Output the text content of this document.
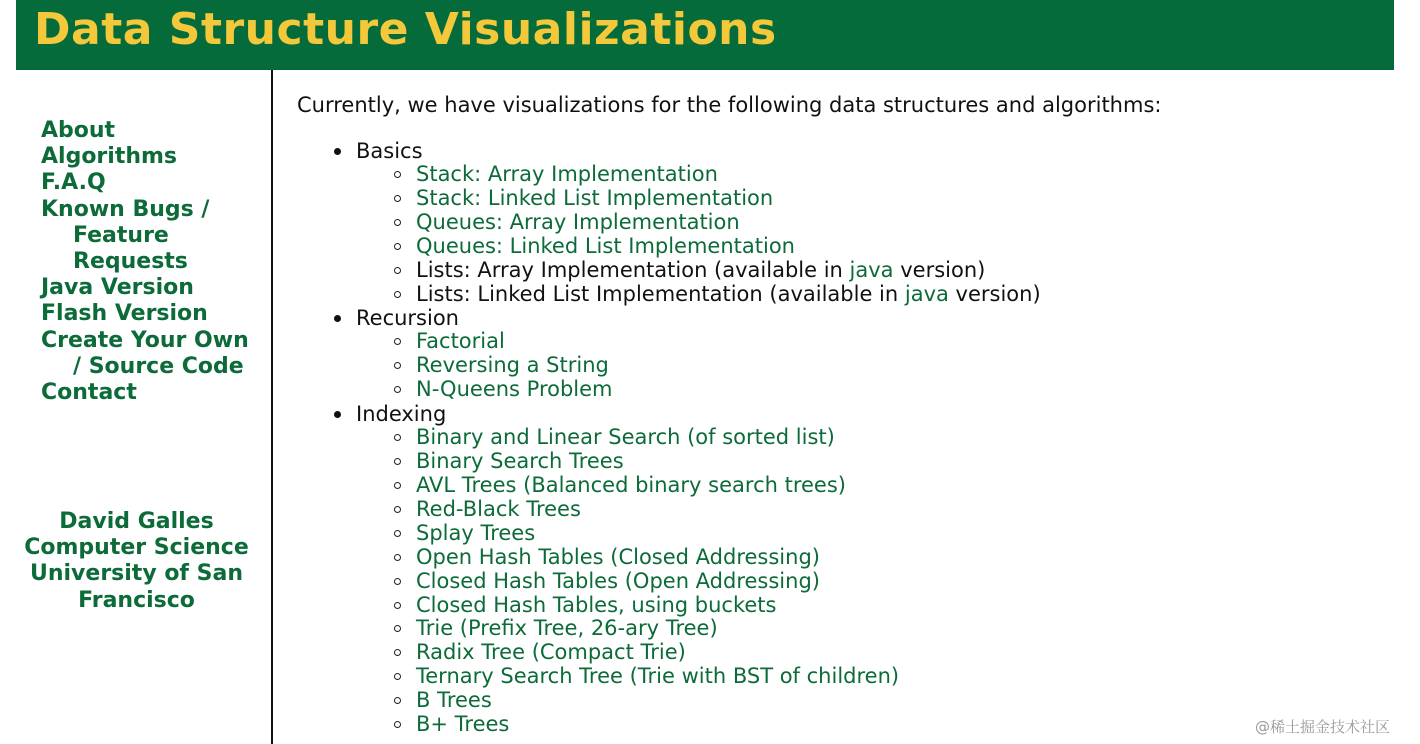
Data Structure Visualizations
About
Algorithms
F.A.Q
Known Bugs / Feature Requests
Java Version
Flash Version
Create Your Own / Source Code
Contact
David Galles
Computer Science
University of San Francisco

Currently, we have visualizations for the following data structures and algorithms:

Basics
Stack: Array Implementation
Stack: Linked List Implementation
Queues: Array Implementation
Queues: Linked List Implementation
Lists: Array Implementation (available in java version)
Lists: Linked List Implementation (available in java version)
Recursion
Factorial
Reversing a String
N-Queens Problem
Indexing
Binary and Linear Search (of sorted list)
Binary Search Trees
AVL Trees (Balanced binary search trees)
Red-Black Trees
Splay Trees
Open Hash Tables (Closed Addressing)
Closed Hash Tables (Open Addressing)
Closed Hash Tables, using buckets
Trie (Prefix Tree, 26-ary Tree)
Radix Tree (Compact Trie)
Ternary Search Tree (Trie with BST of children)
B Trees
B+ Trees	@稀土掘金技术社区
